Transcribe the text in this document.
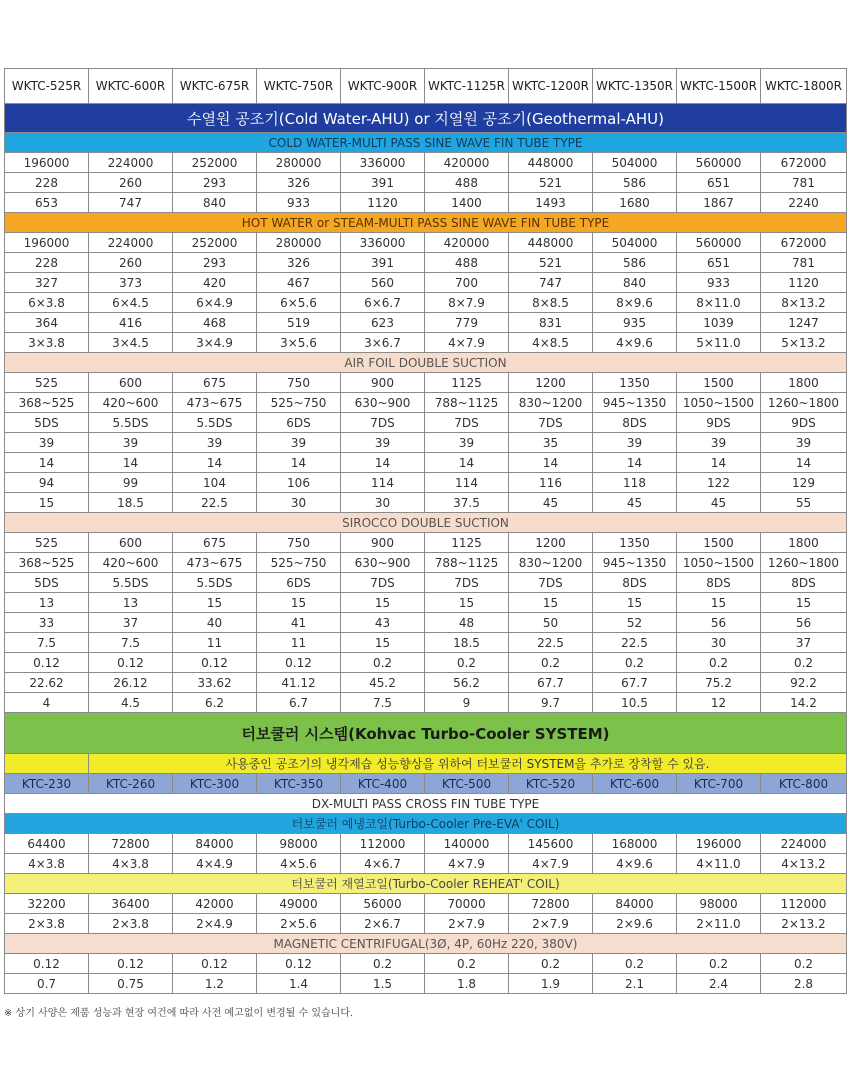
WKTC-525R	WKTC-600R	WKTC-675R	WKTC-750R	WKTC-900R	WKTC-1125R	WKTC-1200R	WKTC-1350R	WKTC-1500R	WKTC-1800R
수열원 공조기(Cold Water-AHU) or 지열원 공조기(Geothermal-AHU)									
COLD WATER-MULTI PASS SINE WAVE FIN TUBE TYPE									
196000	224000	252000	280000	336000	420000	448000	504000	560000	672000
228	260	293	326	391	488	521	586	651	781
653	747	840	933	1120	1400	1493	1680	1867	2240
HOT WATER or STEAM-MULTI PASS SINE WAVE FIN TUBE TYPE									
196000	224000	252000	280000	336000	420000	448000	504000	560000	672000
228	260	293	326	391	488	521	586	651	781
327	373	420	467	560	700	747	840	933	1120
6×3.8	6×4.5	6×4.9	6×5.6	6×6.7	8×7.9	8×8.5	8×9.6	8×11.0	8×13.2
364	416	468	519	623	779	831	935	1039	1247
3×3.8	3×4.5	3×4.9	3×5.6	3×6.7	4×7.9	4×8.5	4×9.6	5×11.0	5×13.2
AIR FOIL DOUBLE SUCTION									
525	600	675	750	900	1125	1200	1350	1500	1800
368~525	420~600	473~675	525~750	630~900	788~1125	830~1200	945~1350	1050~1500	1260~1800
5DS	5.5DS	5.5DS	6DS	7DS	7DS	7DS	8DS	9DS	9DS
39	39	39	39	39	39	35	39	39	39
14	14	14	14	14	14	14	14	14	14
94	99	104	106	114	114	116	118	122	129
15	18.5	22.5	30	30	37.5	45	45	45	55
SIROCCO DOUBLE SUCTION									
525	600	675	750	900	1125	1200	1350	1500	1800
368~525	420~600	473~675	525~750	630~900	788~1125	830~1200	945~1350	1050~1500	1260~1800
5DS	5.5DS	5.5DS	6DS	7DS	7DS	7DS	8DS	8DS	8DS
13	13	15	15	15	15	15	15	15	15
33	37	40	41	43	48	50	52	56	56
7.5	7.5	11	11	15	18.5	22.5	22.5	30	37
0.12	0.12	0.12	0.12	0.2	0.2	0.2	0.2	0.2	0.2
22.62	26.12	33.62	41.12	45.2	56.2	67.7	67.7	75.2	92.2
4	4.5	6.2	6.7	7.5	9	9.7	10.5	12	14.2
터보쿨러 시스템(Kohvac Turbo-Cooler SYSTEM)									
	사용중인 공조기의 냉각제습 성능향상을 위하여 터보쿨러 SYSTEM을 추가로 장착할 수 있음.								
KTC-230	KTC-260	KTC-300	KTC-350	KTC-400	KTC-500	KTC-520	KTC-600	KTC-700	KTC-800
DX-MULTI PASS CROSS FIN TUBE TYPE									
터보쿨러 예냉코일(Turbo-Cooler Pre-EVA' COIL)									
64400	72800	84000	98000	112000	140000	145600	168000	196000	224000
4×3.8	4×3.8	4×4.9	4×5.6	4×6.7	4×7.9	4×7.9	4×9.6	4×11.0	4×13.2
터보쿨러 재열코일(Turbo-Cooler REHEAT' COIL)									
32200	36400	42000	49000	56000	70000	72800	84000	98000	112000
2×3.8	2×3.8	2×4.9	2×5.6	2×6.7	2×7.9	2×7.9	2×9.6	2×11.0	2×13.2
MAGNETIC CENTRIFUGAL(3Ø, 4P, 60Hz 220, 380V)									
0.12	0.12	0.12	0.12	0.2	0.2	0.2	0.2	0.2	0.2
0.7	0.75	1.2	1.4	1.5	1.8	1.9	2.1	2.4	2.8
※ 상기 사양은 제품 성능과 현장 여건에 따라 사전 예고없이 변경될 수 있습니다.
